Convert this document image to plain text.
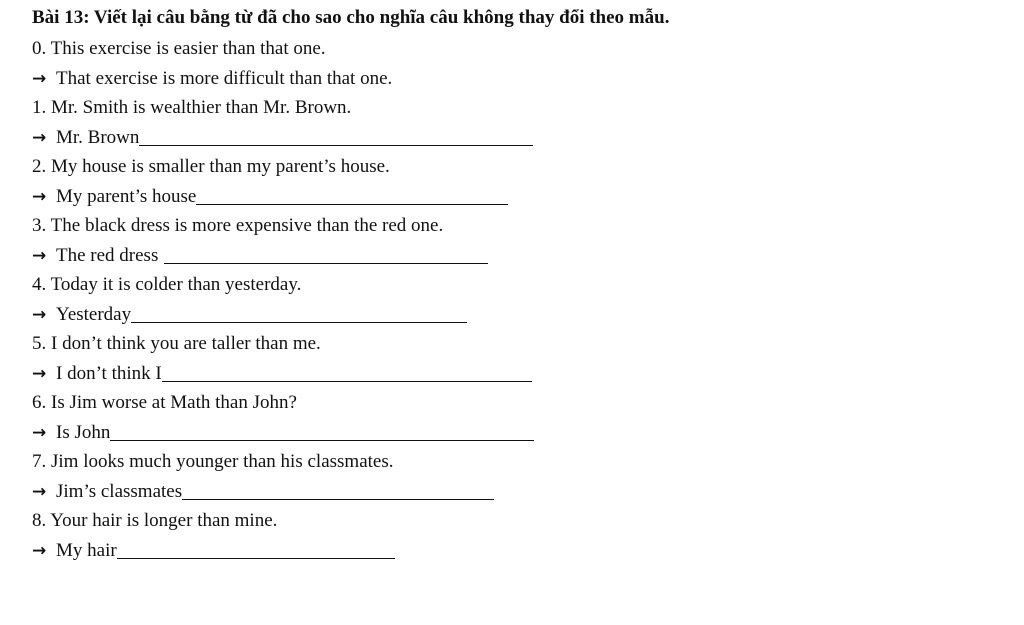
Bài 13: Viết lại câu bằng từ đã cho sao cho nghĩa câu không thay đổi theo mẫu.
0. This exercise is easier than that one.
→ That exercise is more difficult than that one.
1. Mr. Smith is wealthier than Mr. Brown.
→ Mr. Brown
2. My house is smaller than my parent’s house.
→ My parent’s house
3. The black dress is more expensive than the red one.
→ The red dress
4. Today it is colder than yesterday.
→ Yesterday
5. I don’t think you are taller than me.
→ I don’t think I
6. Is Jim worse at Math than John?
→ Is John
7. Jim looks much younger than his classmates.
→ Jim’s classmates
8. Your hair is longer than mine.
→ My hair
